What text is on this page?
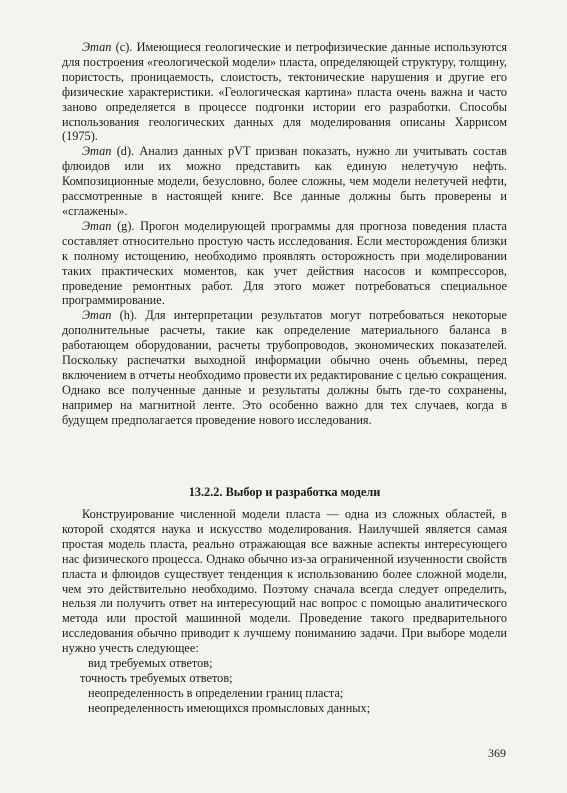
Этап (c). Имеющиеся геологические и петрофизические данные используются для построения «геологической модели» пласта, определяющей структуру, толщину, пористость, проницаемость, слоистость, тектонические нарушения и другие его физические характеристики. «Геологическая картина» пласта очень важна и часто заново определяется в процессе подгонки истории его разработки. Способы использования геологических данных для моделирования описаны Харрисом (1975).

Этап (d). Анализ данных pVT призван показать, нужно ли учитывать состав флюидов или их можно представить как единую нелетучую нефть. Композиционные модели, безусловно, более сложны, чем модели нелетучей нефти, рассмотренные в настоящей книге. Все данные должны быть проверены и «сглажены».

Этап (g). Прогон моделирующей программы для прогноза поведения пласта составляет относительно простую часть исследования. Если месторождения близки к полному истощению, необходимо проявлять осторожность при моделировании таких практических моментов, как учет действия насосов и компрессоров, проведение ремонтных работ. Для этого может потребоваться специальное программирование.

Этап (h). Для интерпретации результатов могут потребоваться некоторые дополнительные расчеты, такие как определение материального баланса в работающем оборудовании, расчеты трубопроводов, экономических показателей. Поскольку распечатки выходной информации обычно очень объемны, перед включением в отчеты необходимо провести их редактирование с целью сокращения. Однако все полученные данные и результаты должны быть где-то сохранены, например на магнитной ленте. Это особенно важно для тех случаев, когда в будущем предполагается проведение нового исследования.

13.2.2. Выбор и разработка модели

Конструирование численной модели пласта — одна из сложных областей, в которой сходятся наука и искусство моделирования. Наилучшей является самая простая модель пласта, реально отражающая все важные аспекты интересующего нас физического процесса. Однако обычно из-за ограниченной изученности свойств пласта и флюидов существует тенденция к использованию более сложной модели, чем это действительно необходимо. Поэтому сначала всегда следует определить, нельзя ли получить ответ на интересующий нас вопрос с помощью аналитического метода или простой машинной модели. Проведение такого предварительного исследования обычно приводит к лучшему пониманию задачи. При выборе модели нужно учесть следующее:

вид требуемых ответов;
точность требуемых ответов;
неопределенность в определении границ пласта;
неопределенность имеющихся промысловых данных;
369
